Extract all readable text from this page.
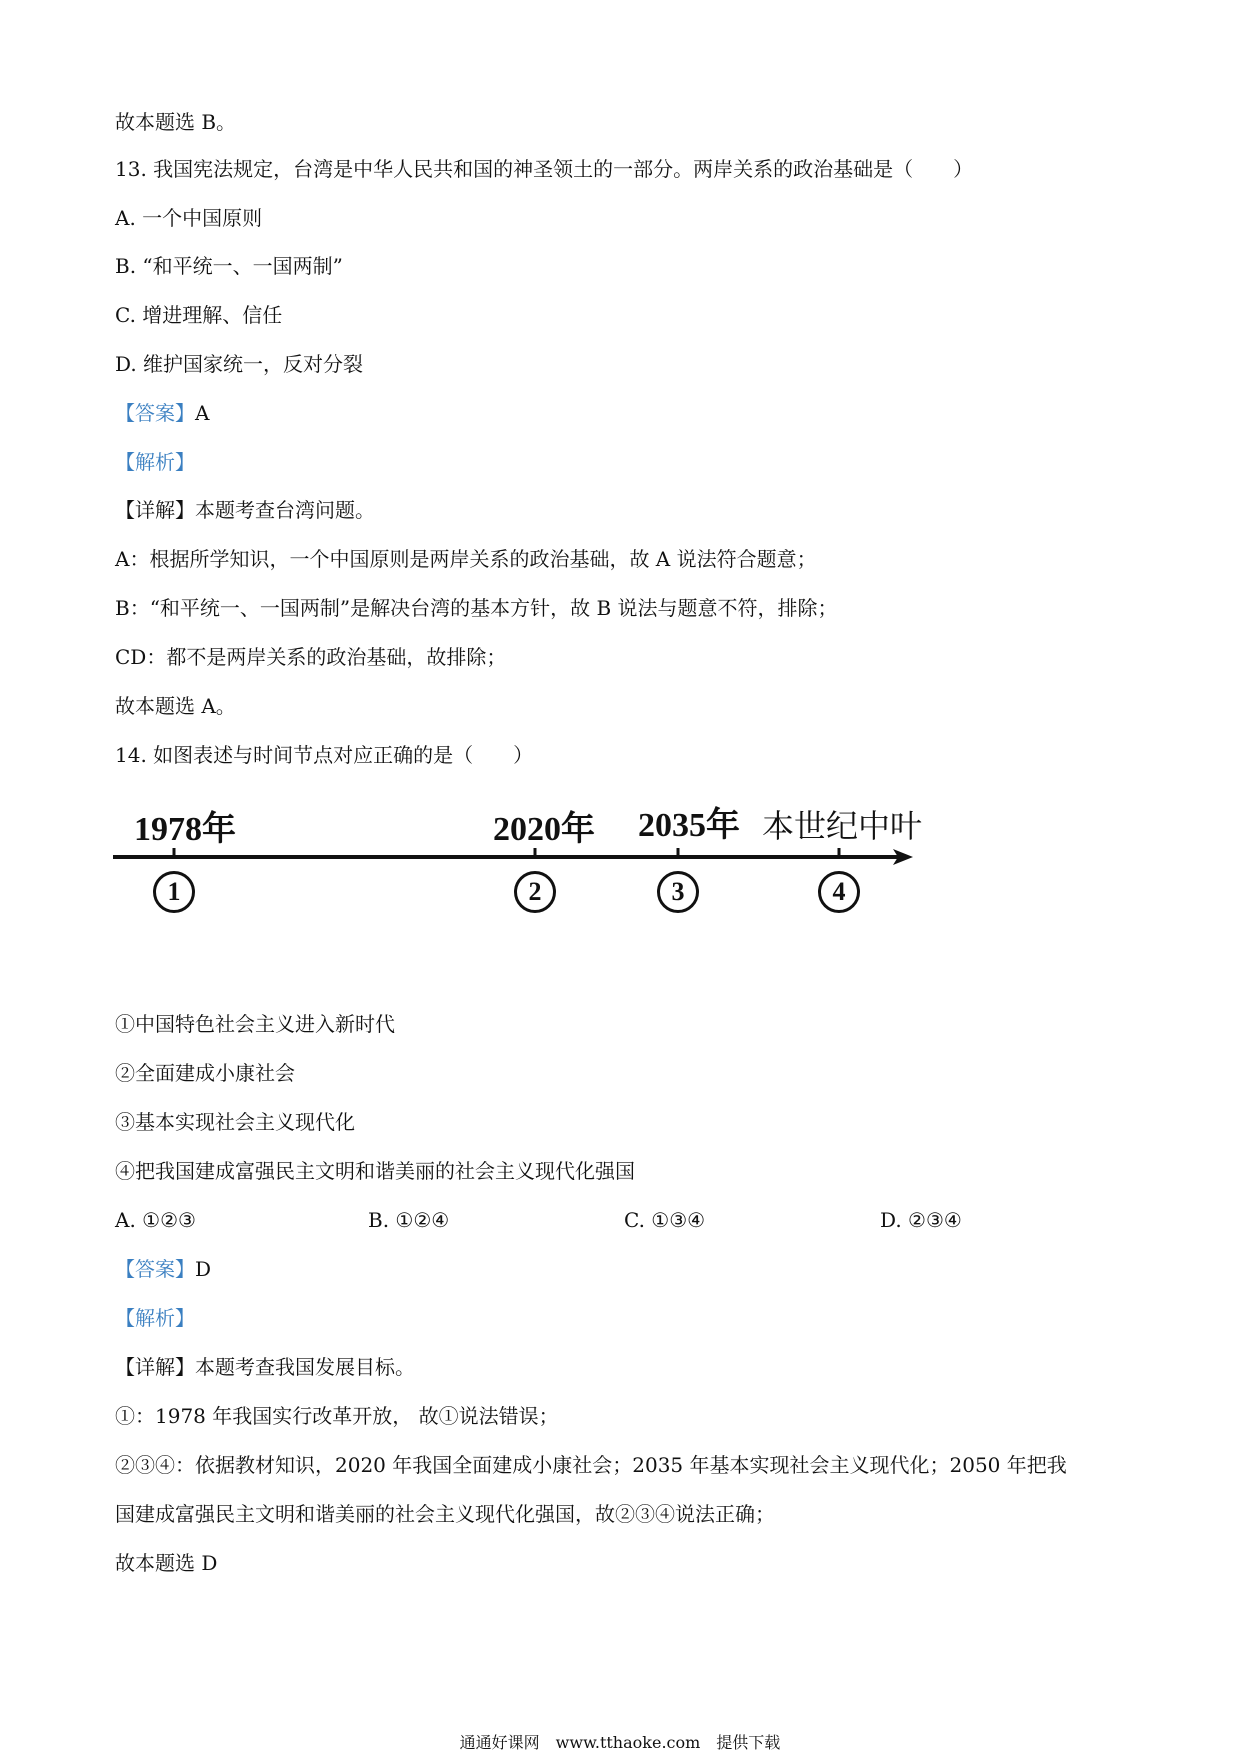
故本题选 B。
13. 我国宪法规定，台湾是中华人民共和国的神圣领土的一部分。两岸关系的政治基础是（　　）
A. 一个中国原则
B. “和平统一、一国两制”
C. 增进理解、信任
D. 维护国家统一，反对分裂
【答案】A
【解析】
【详解】本题考查台湾问题。
A：根据所学知识，一个中国原则是两岸关系的政治基础，故 A 说法符合题意；
B：“和平统一、一国两制”是解决台湾的基本方针，故 B 说法与题意不符，排除；
CD：都不是两岸关系的政治基础，故排除；
故本题选 A。
14. 如图表述与时间节点对应正确的是（　　）
1978年	2020年 2035年 本世纪中叶
1	2	3	4
①中国特色社会主义进入新时代
②全面建成小康社会
③基本实现社会主义现代化
④把我国建成富强民主文明和谐美丽的社会主义现代化强国
A. ①②③	B. ①②④	C. ①③④	D. ②③④
【答案】D
【解析】
【详解】本题考查我国发展目标。
①：1978 年我国实行改革开放， 故①说法错误；
②③④：依据教材知识，2020 年我国全面建成小康社会；2035 年基本实现社会主义现代化；2050 年把我
国建成富强民主文明和谐美丽的社会主义现代化强国，故②③④说法正确；
故本题选 D
通通好课网　www.tthaoke.com　提供下载
